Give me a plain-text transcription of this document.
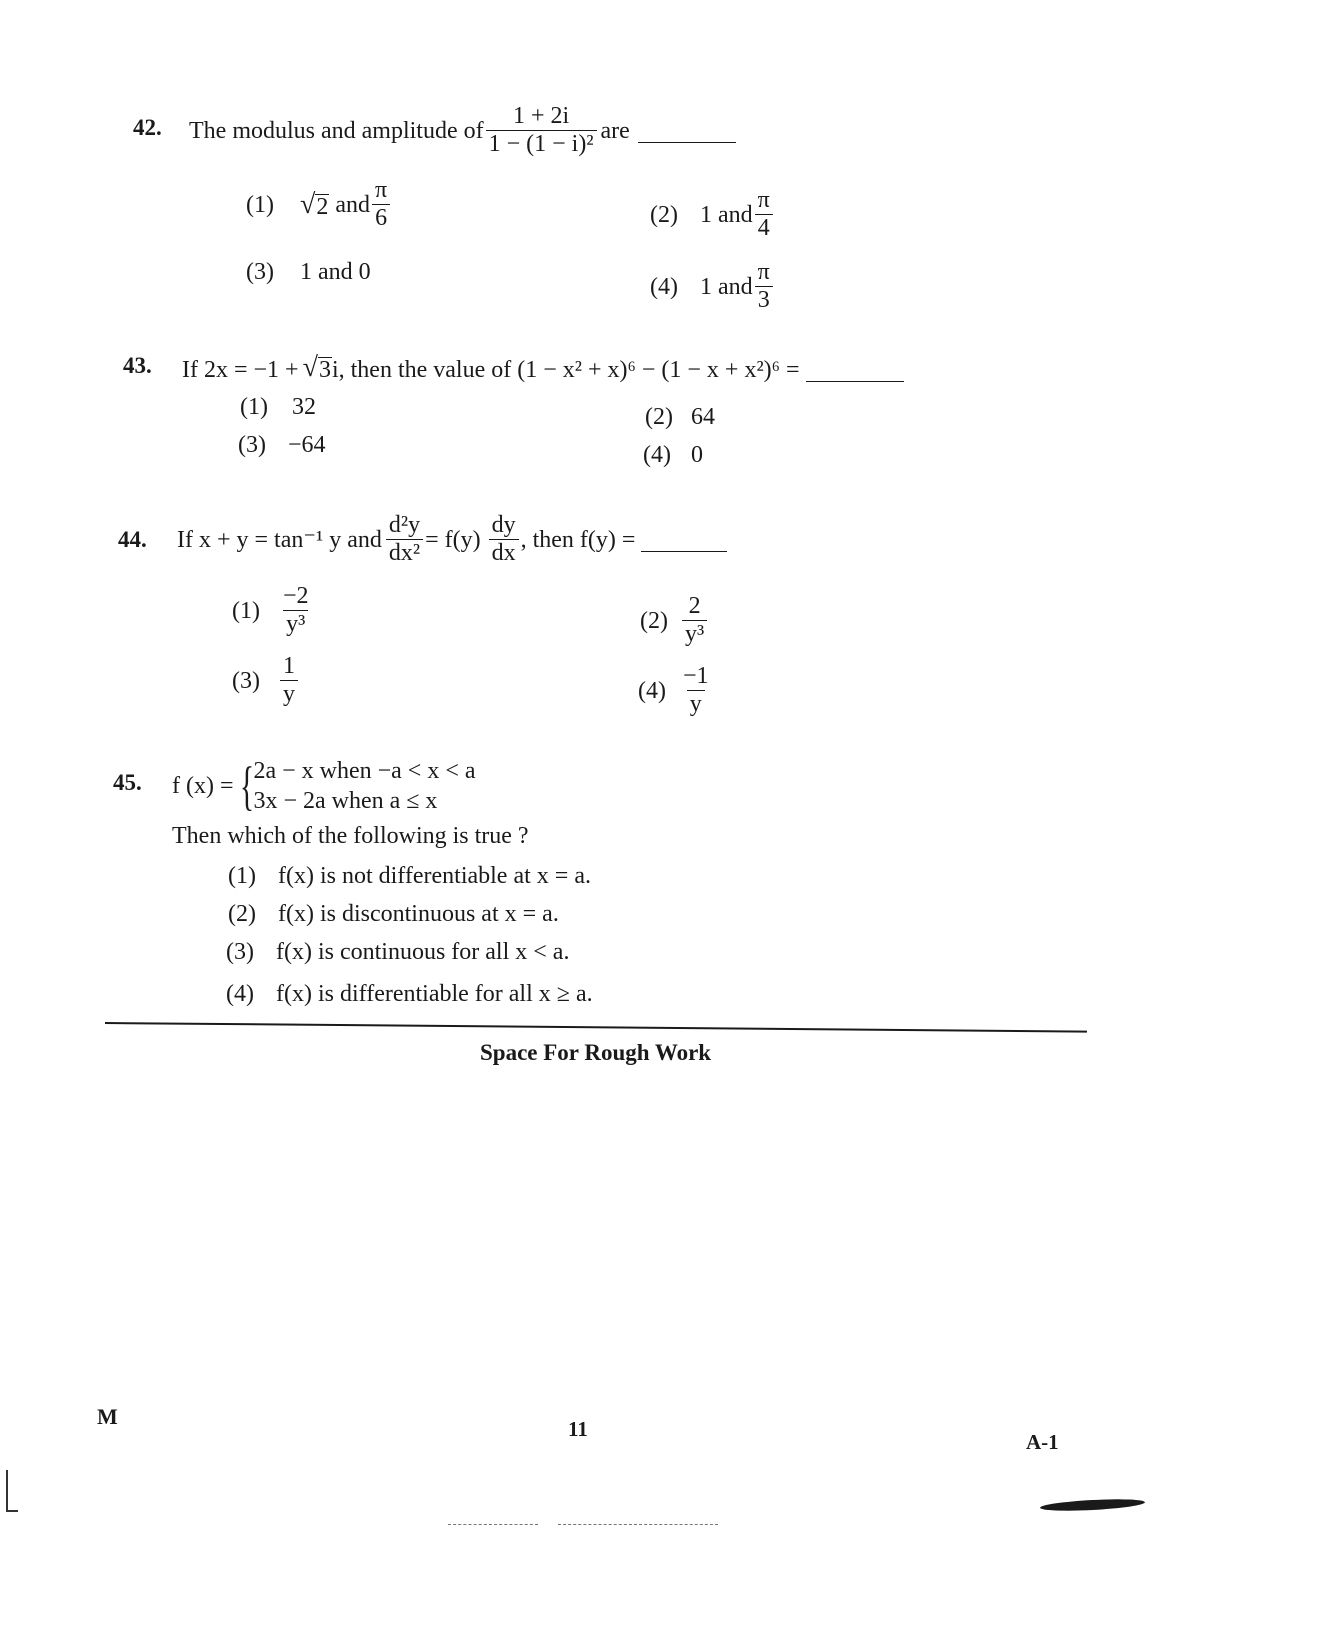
42. The modulus and amplitude of $\frac{1 + 2i}{\text{1 − (1 − i)²}}$ are
(1) √ 2 and $\frac{\pi}{6}$	(2) 1 and $\frac{\pi}{4}$
(3) 1 and 0
(4) 1 and $\frac{\pi}{3}$
43. If 2x = −1 + √ 3 i, then the value of (1 − x² + x)⁶ − (1 − x + x²)⁶ =
(1) 32	(2) 64
(3) −64	(4) 0
44. If x + y = tan⁻¹ y and $\frac{\text{d²y}}{\text{dx²}} = f(y) \frac{dy}{dx}$ , then f(y) =
$(1) \frac{-2}{\text{y³}}$	$(2) \frac{2}{\text{y³}}$
$(3) \frac{1}{y}$	$(4) \frac{-1}{y}$
45. f (x) = { 2a − x when −a < x < a
3x − 2a when a ≤ x
Then which of the following is true ?
(1) f(x) is not differentiable at x = a.
(2) f(x) is discontinuous at x = a.
(3) f(x) is continuous for all x < a.
(4) f(x) is differentiable for all x ≥ a.
Space For Rough Work
M	11
A-1
